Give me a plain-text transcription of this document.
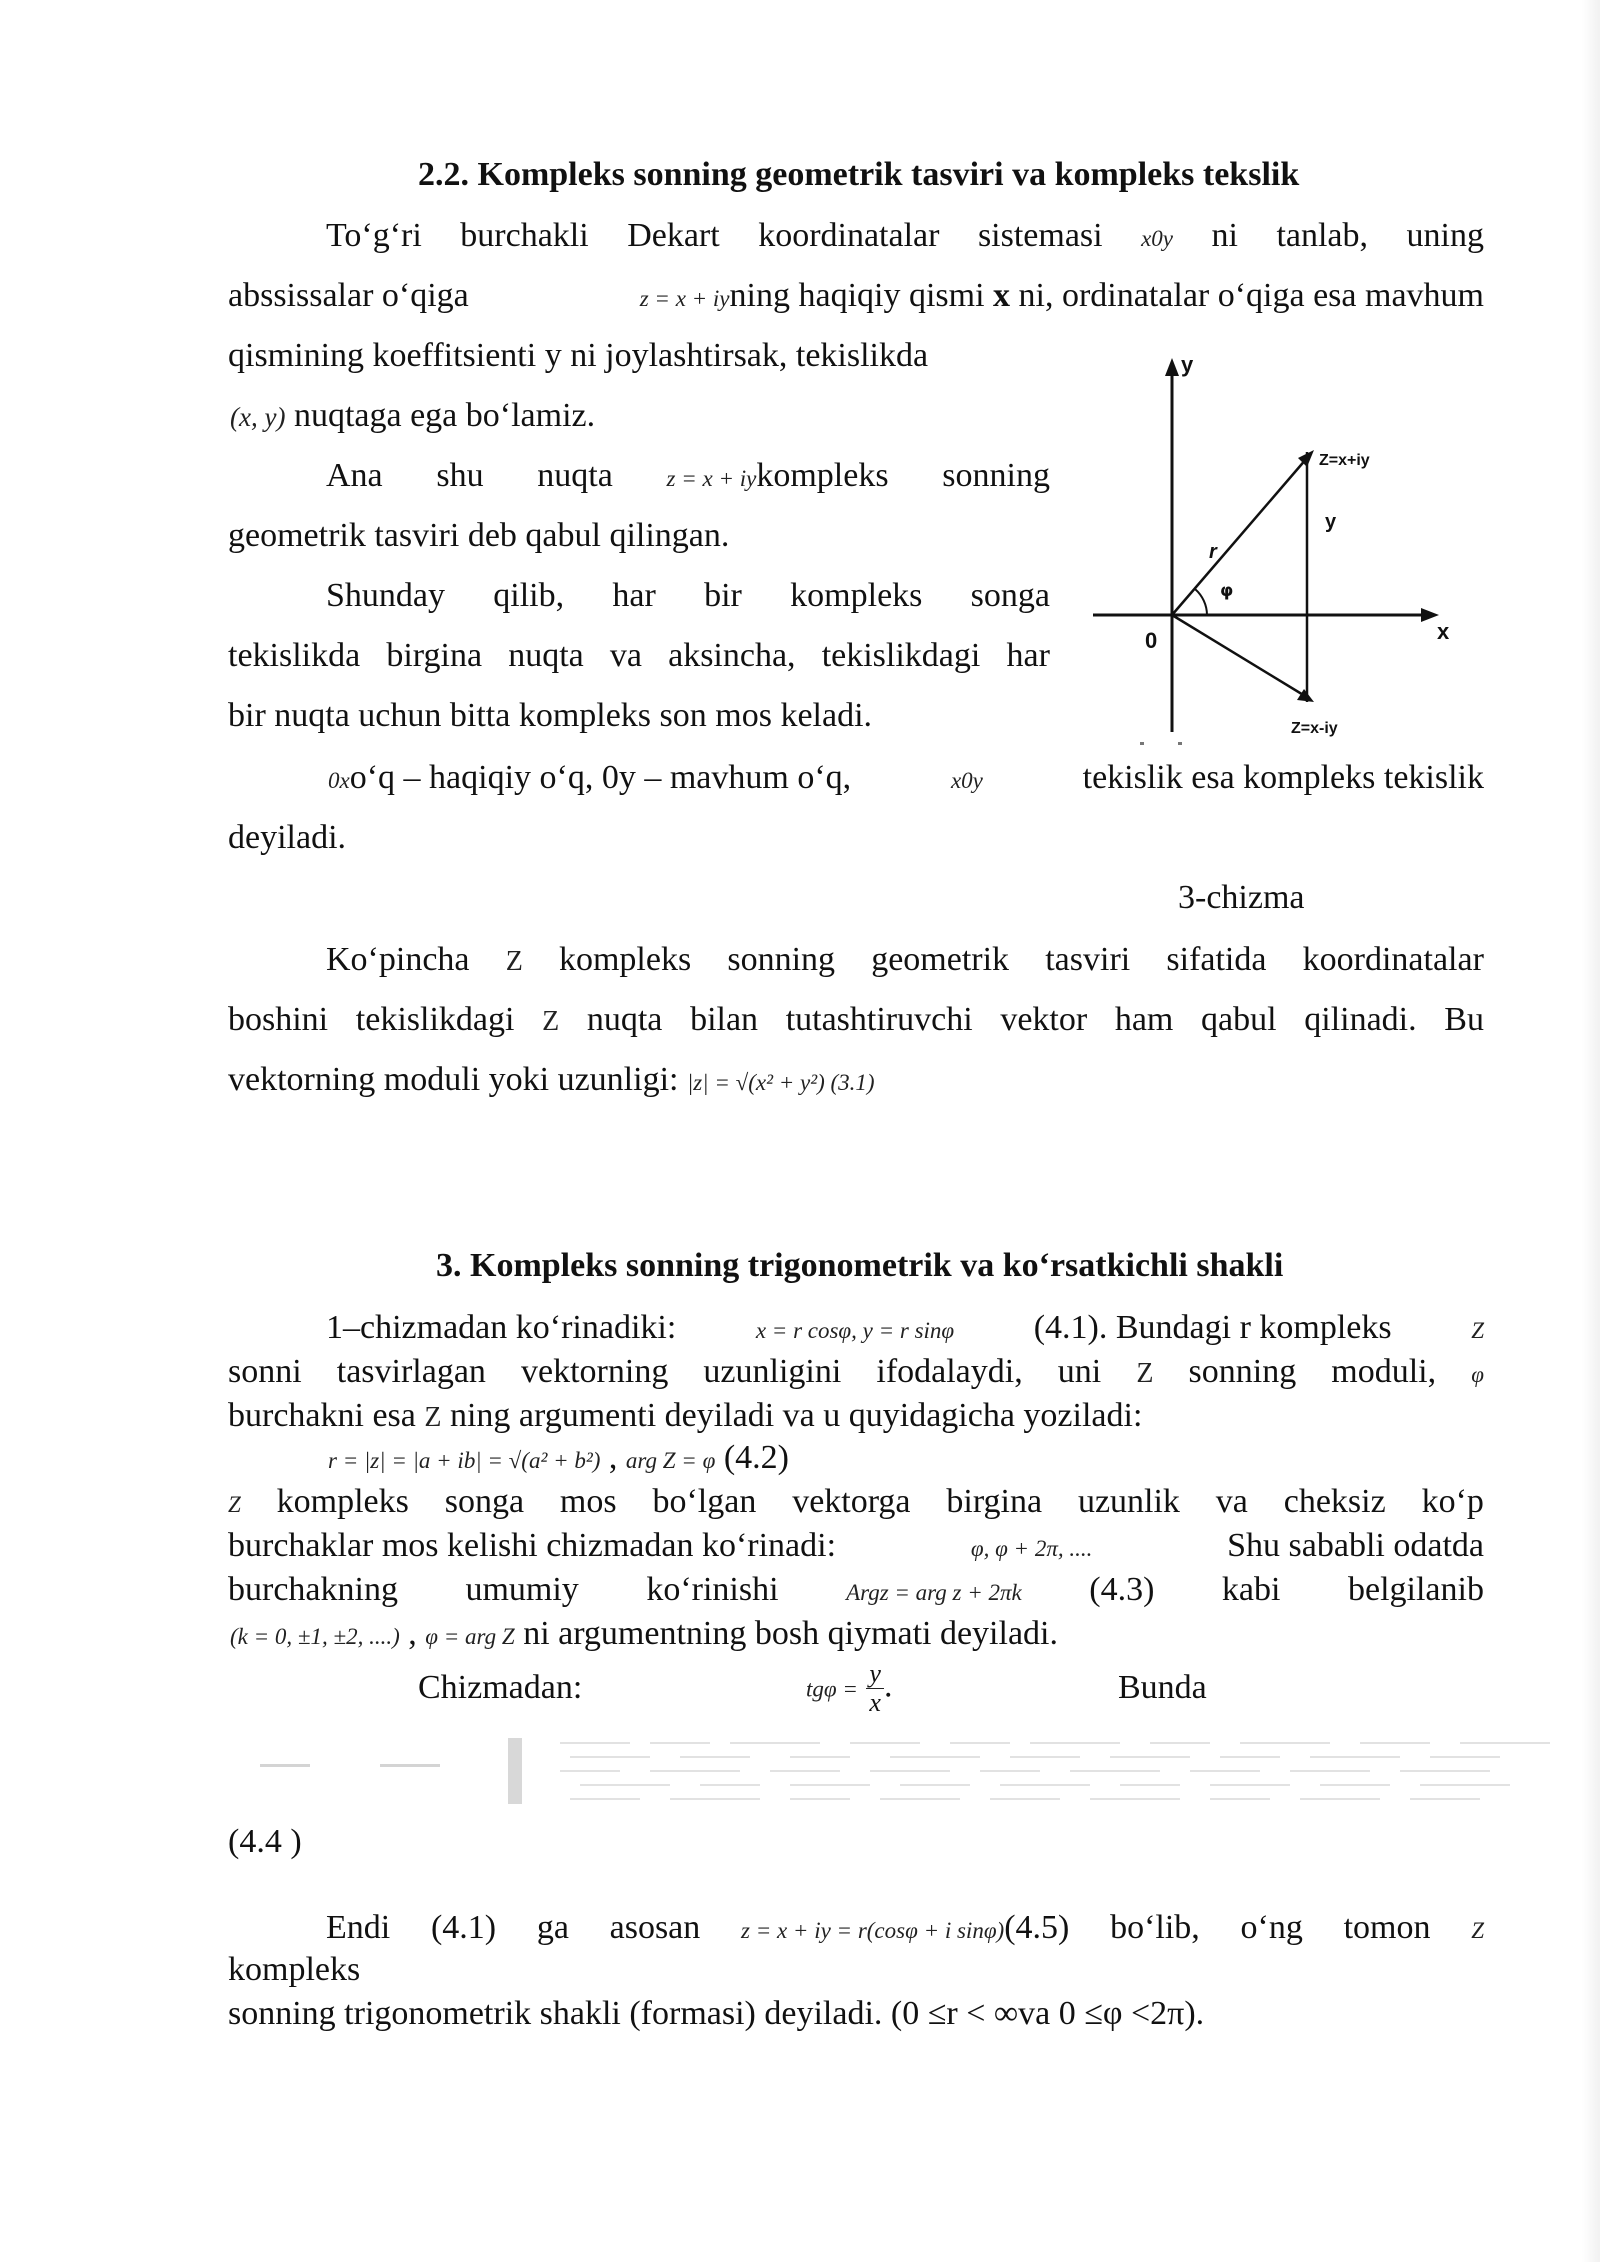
2.2. Kompleks sonning geometrik tasviri va kompleks tekslik
To‘g‘ri burchakli Dekart koordinatalar sistemasi x0y ni tanlab, uning
abssissalar o‘qiga	z = x + iyning haqiqiy qismi x ni, ordinatalar o‘qiga esa mavhum
qismining koeffitsienti y ni joylashtirsak, tekislikda
(x, y) nuqtaga ega bo‘lamiz.
Ana shu nuqta z = x + iykompleks sonning
geometrik tasviri deb qabul qilingan.
Shunday qilib, har bir kompleks songa
tekislikda birgina nuqta va aksincha, tekislikdagi har
bir nuqta uchun bitta kompleks son mos keladi.
y
x
0
Z=x+iy
Z=x-iy
r
φ
y
0xo‘q – haqiqiy o‘q, 0y – mavhum o‘q,	x0y	tekislik esa kompleks tekislik
deyiladi.
3-chizma
Ko‘pincha Z kompleks sonning geometrik tasviri sifatida koordinatalar
boshini tekislikdagi Z nuqta bilan tutashtiruvchi vektor ham qabul qilinadi. Bu
vektorning moduli yoki uzunligi: |z| = √(x² + y²) (3.1)
3. Kompleks sonning trigonometrik va ko‘rsatkichli shakli
1–chizmadan ko‘rinadiki:	x = r cosφ, y = r sinφ (4.1). Bundagi r kompleks	Z
sonni tasvirlagan vektorning uzunligini ifodalaydi, uni Z sonning moduli, φ
burchakni esa Z ning argumenti deyiladi va u quyidagicha yoziladi:
r = |z| = |a + ib| = √(a² + b²) , arg Z = φ (4.2)
Z kompleks songa mos bo‘lgan vektorga birgina uzunlik va cheksiz ko‘p
burchaklar mos kelishi chizmadan ko‘rinadi:	φ, φ + 2π, ....	Shu sababli odatda
burchakning umumiy ko‘rinishi	Argz = arg z + 2πk (4.3) kabi belgilanib
(k = 0, ±1, ±2, ....) , φ = arg Z ni argumentning bosh qiymati deyiladi.
Chizmadan:	$tg\varphi = \frac{y}{x}$ .	Bunda
(4.4 )
Endi (4.1) ga asosan z = x + iy = r(cosφ + i sinφ)(4.5) bo‘lib, o‘ng tomon Z
kompleks
sonning trigonometrik shakli (formasi) deyiladi. (0 ≤r < ∞va 0 ≤φ <2π).
